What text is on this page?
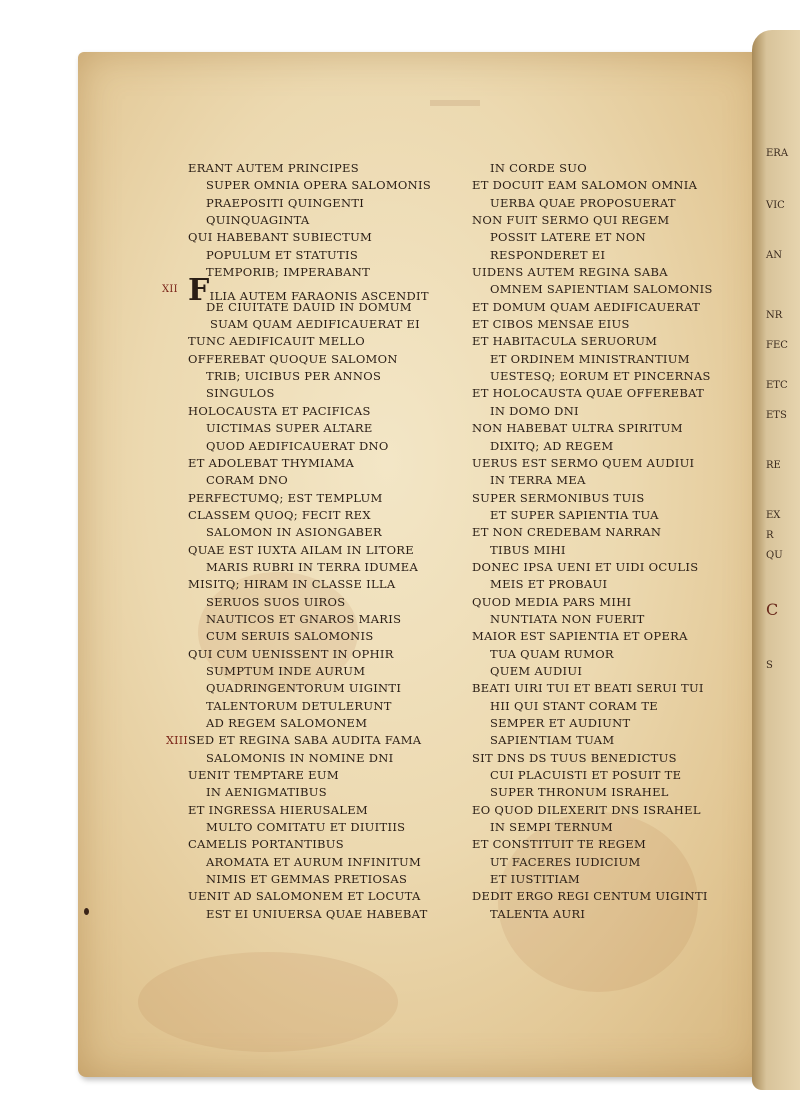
ERA
VIC
AN
NR
FEC
ETC
ETS
RE
EX
R
QU
C
S
ERANT AUTEM PRINCIPES
SUPER OMNIA OPERA SALOMONIS
PRAEPOSITI QUINGENTI
QUINQUAGINTA
QUI HABEBANT SUBIECTUM
POPULUM ET STATUTIS
TEMPORIB; IMPERABANT
XII FILIA AUTEM FARAONIS ASCENDIT
DE CIUITATE DAUID IN DOMUM
SUAM QUAM AEDIFICAUERAT EI
TUNC AEDIFICAUIT MELLO
OFFEREBAT QUOQUE SALOMON
TRIB; UICIBUS PER ANNOS
SINGULOS
HOLOCAUSTA ET PACIFICAS
UICTIMAS SUPER ALTARE
QUOD AEDIFICAUERAT DNO
ET ADOLEBAT THYMIAMA
CORAM DNO
PERFECTUMQ; EST TEMPLUM
CLASSEM QUOQ; FECIT REX
SALOMON IN ASIONGABER
QUAE EST IUXTA AILAM IN LITORE
MARIS RUBRI IN TERRA IDUMEA
MISITQ; HIRAM IN CLASSE ILLA
SERUOS SUOS UIROS
NAUTICOS ET GNAROS MARIS
CUM SERUIS SALOMONIS
QUI CUM UENISSENT IN OPHIR
SUMPTUM INDE AURUM
QUADRINGENTORUM UIGINTI
TALENTORUM DETULERUNT
AD REGEM SALOMONEM
XIII SED ET REGINA SABA AUDITA FAMA
SALOMONIS IN NOMINE DNI
UENIT TEMPTARE EUM
IN AENIGMATIBUS
ET INGRESSA HIERUSALEM
MULTO COMITATU ET DIUITIIS
CAMELIS PORTANTIBUS
AROMATA ET AURUM INFINITUM
NIMIS ET GEMMAS PRETIOSAS
UENIT AD SALOMONEM ET LOCUTA
EST EI UNIUERSA QUAE HABEBAT
IN CORDE SUO
ET DOCUIT EAM SALOMON OMNIA
UERBA QUAE PROPOSUERAT
NON FUIT SERMO QUI REGEM
POSSIT LATERE ET NON
RESPONDERET EI
UIDENS AUTEM REGINA SABA
OMNEM SAPIENTIAM SALOMONIS
ET DOMUM QUAM AEDIFICAUERAT
ET CIBOS MENSAE EIUS
ET HABITACULA SERUORUM
ET ORDINEM MINISTRANTIUM
UESTESQ; EORUM ET PINCERNAS
ET HOLOCAUSTA QUAE OFFEREBAT
IN DOMO DNI
NON HABEBAT ULTRA SPIRITUM
DIXITQ; AD REGEM
UERUS EST SERMO QUEM AUDIUI
IN TERRA MEA
SUPER SERMONIBUS TUIS
ET SUPER SAPIENTIA TUA
ET NON CREDEBAM NARRAN
TIBUS MIHI
DONEC IPSA UENI ET UIDI OCULIS
MEIS ET PROBAUI
QUOD MEDIA PARS MIHI
NUNTIATA NON FUERIT
MAIOR EST SAPIENTIA ET OPERA
TUA QUAM RUMOR
QUEM AUDIUI
BEATI UIRI TUI ET BEATI SERUI TUI
HII QUI STANT CORAM TE
SEMPER ET AUDIUNT
SAPIENTIAM TUAM
SIT DNS DS TUUS BENEDICTUS
CUI PLACUISTI ET POSUIT TE
SUPER THRONUM ISRAHEL
EO QUOD DILEXERIT DNS ISRAHEL
IN SEMPI TERNUM
ET CONSTITUIT TE REGEM
UT FACERES IUDICIUM
ET IUSTITIAM
DEDIT ERGO REGI CENTUM UIGINTI
TALENTA AURI
